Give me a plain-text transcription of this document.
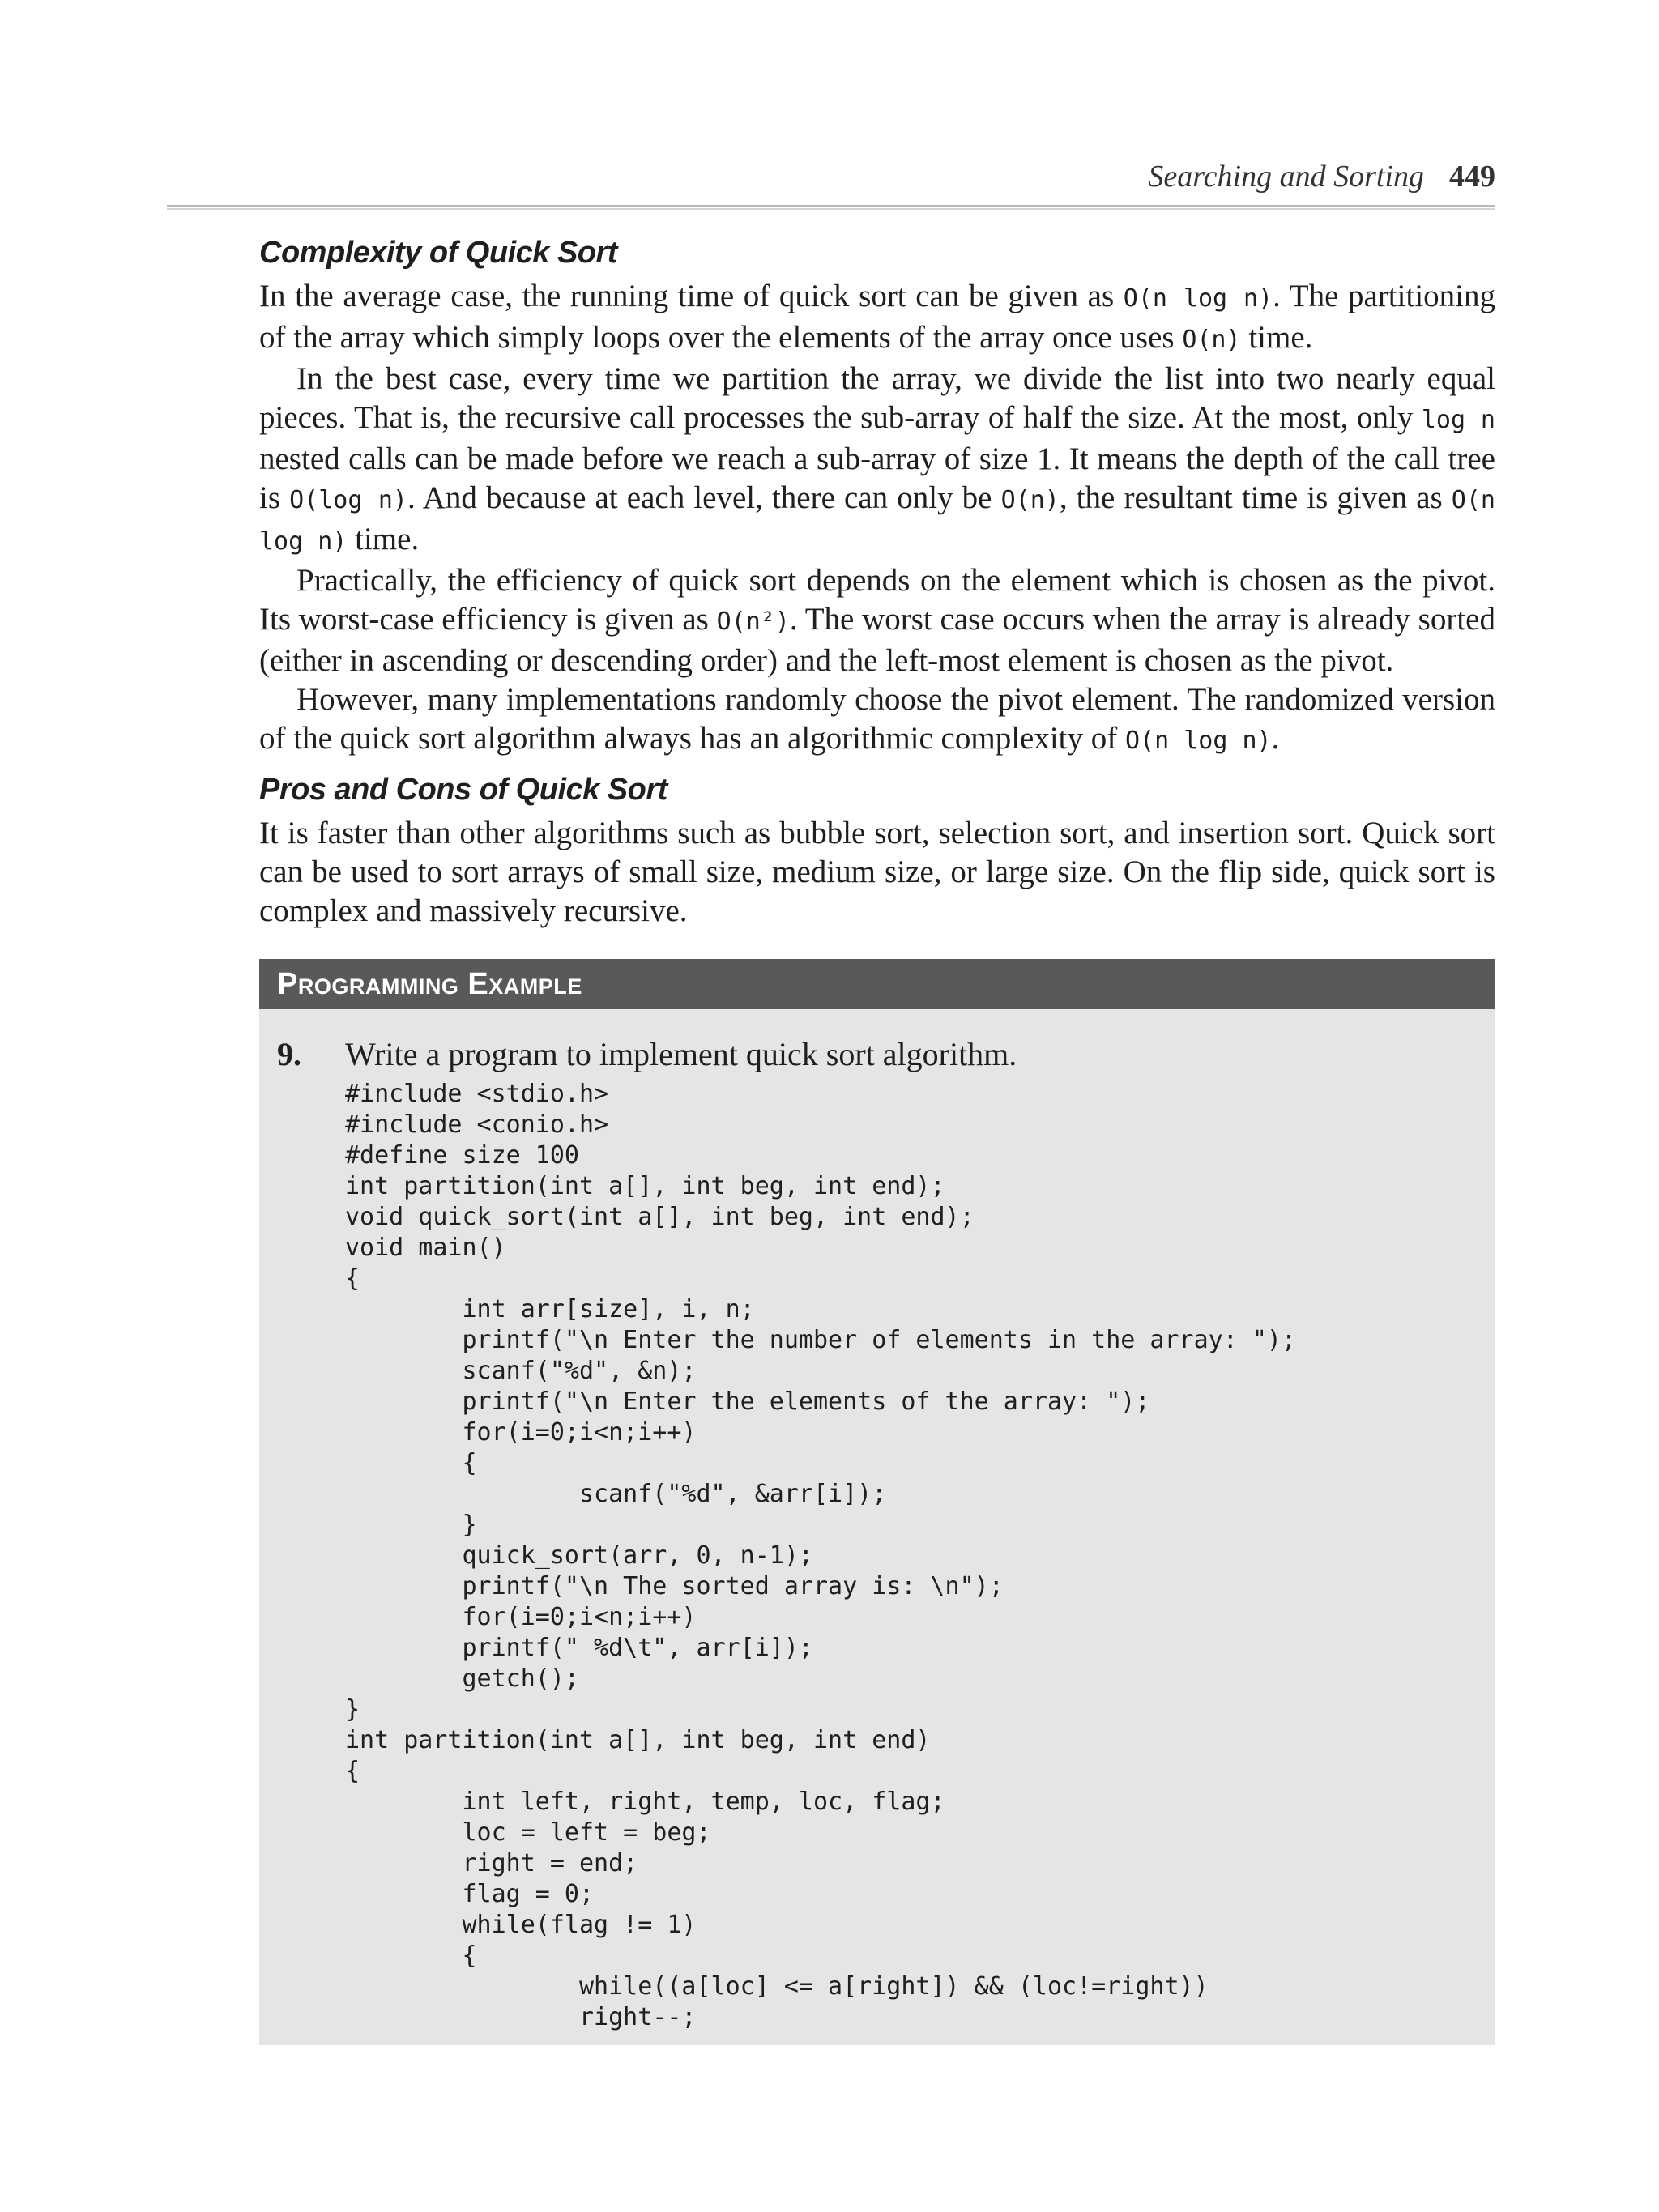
Searching and Sorting 449
Complexity of Quick Sort

In the average case, the running time of quick sort can be given as O(n log n). The partitioning of the array which simply loops over the elements of the array once uses O(n) time.

In the best case, every time we partition the array, we divide the list into two nearly equal pieces. That is, the recursive call processes the sub-array of half the size. At the most, only log n nested calls can be made before we reach a sub-array of size 1. It means the depth of the call tree is O(log n). And because at each level, there can only be O(n), the resultant time is given as O(n log n) time.

Practically, the efficiency of quick sort depends on the element which is chosen as the pivot. Its worst-case efficiency is given as O(n²). The worst case occurs when the array is already sorted (either in ascending or descending order) and the left-most element is chosen as the pivot.

However, many implementations randomly choose the pivot element. The randomized version of the quick sort algorithm always has an algorithmic complexity of O(n log n).

Pros and Cons of Quick Sort

It is faster than other algorithms such as bubble sort, selection sort, and insertion sort. Quick sort can be used to sort arrays of small size, medium size, or large size. On the flip side, quick sort is complex and massively recursive.

Programming Example
9. Write a program to implement quick sort algorithm.
#include <stdio.h>
#include <conio.h>
#define size 100
int partition(int a[], int beg, int end);
void quick_sort(int a[], int beg, int end);
void main()
{
	int arr[size], i, n;
	printf("\n Enter the number of elements in the array: ");
	scanf("%d", &n);
	printf("\n Enter the elements of the array: ");
	for(i=0;i<n;i++)
	{
		scanf("%d", &arr[i]);
	}
	quick_sort(arr, 0, n-1);
	printf("\n The sorted array is: \n");
	for(i=0;i<n;i++)
	printf(" %d\t", arr[i]);
	getch();
}
int partition(int a[], int beg, int end)
{
	int left, right, temp, loc, flag;
	loc = left = beg;
	right = end;
	flag = 0;
	while(flag != 1)
	{
		while((a[loc] <= a[right]) && (loc!=right))
		right--;
